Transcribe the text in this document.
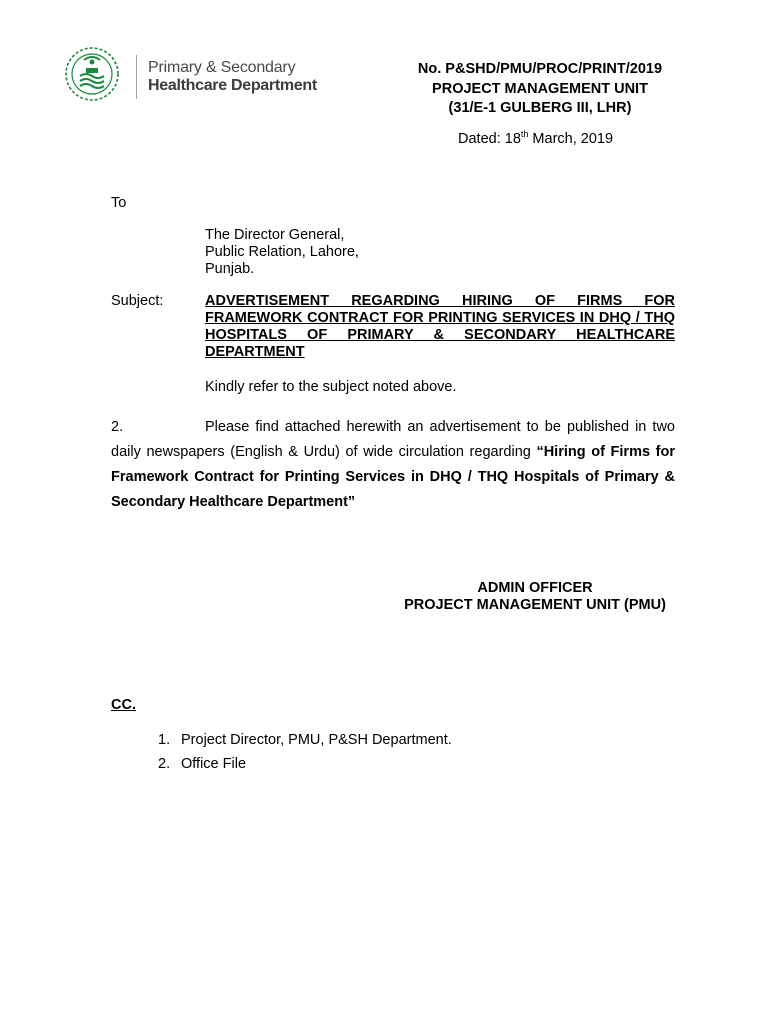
Primary & Secondary
Healthcare Department
No. P&SHD/PMU/PROC/PRINT/2019
PROJECT MANAGEMENT UNIT
(31/E-1 GULBERG III, LHR)
Dated: 18th March, 2019
To
The Director General,
Public Relation, Lahore,
Punjab.
Subject:	ADVERTISEMENT REGARDING HIRING OF FIRMS FOR FRAMEWORK CONTRACT FOR PRINTING SERVICES IN DHQ / THQ HOSPITALS OF PRIMARY & SECONDARY HEALTHCARE DEPARTMENT
Kindly refer to the subject noted above.
2.	Please find attached herewith an advertisement to be published in two daily newspapers (English & Urdu) of wide circulation regarding “Hiring of Firms for Framework Contract for Printing Services in DHQ / THQ Hospitals of Primary & Secondary Healthcare Department”
ADMIN OFFICER
PROJECT MANAGEMENT UNIT (PMU)
CC.
1. Project Director, PMU, P&SH Department.
2. Office File
